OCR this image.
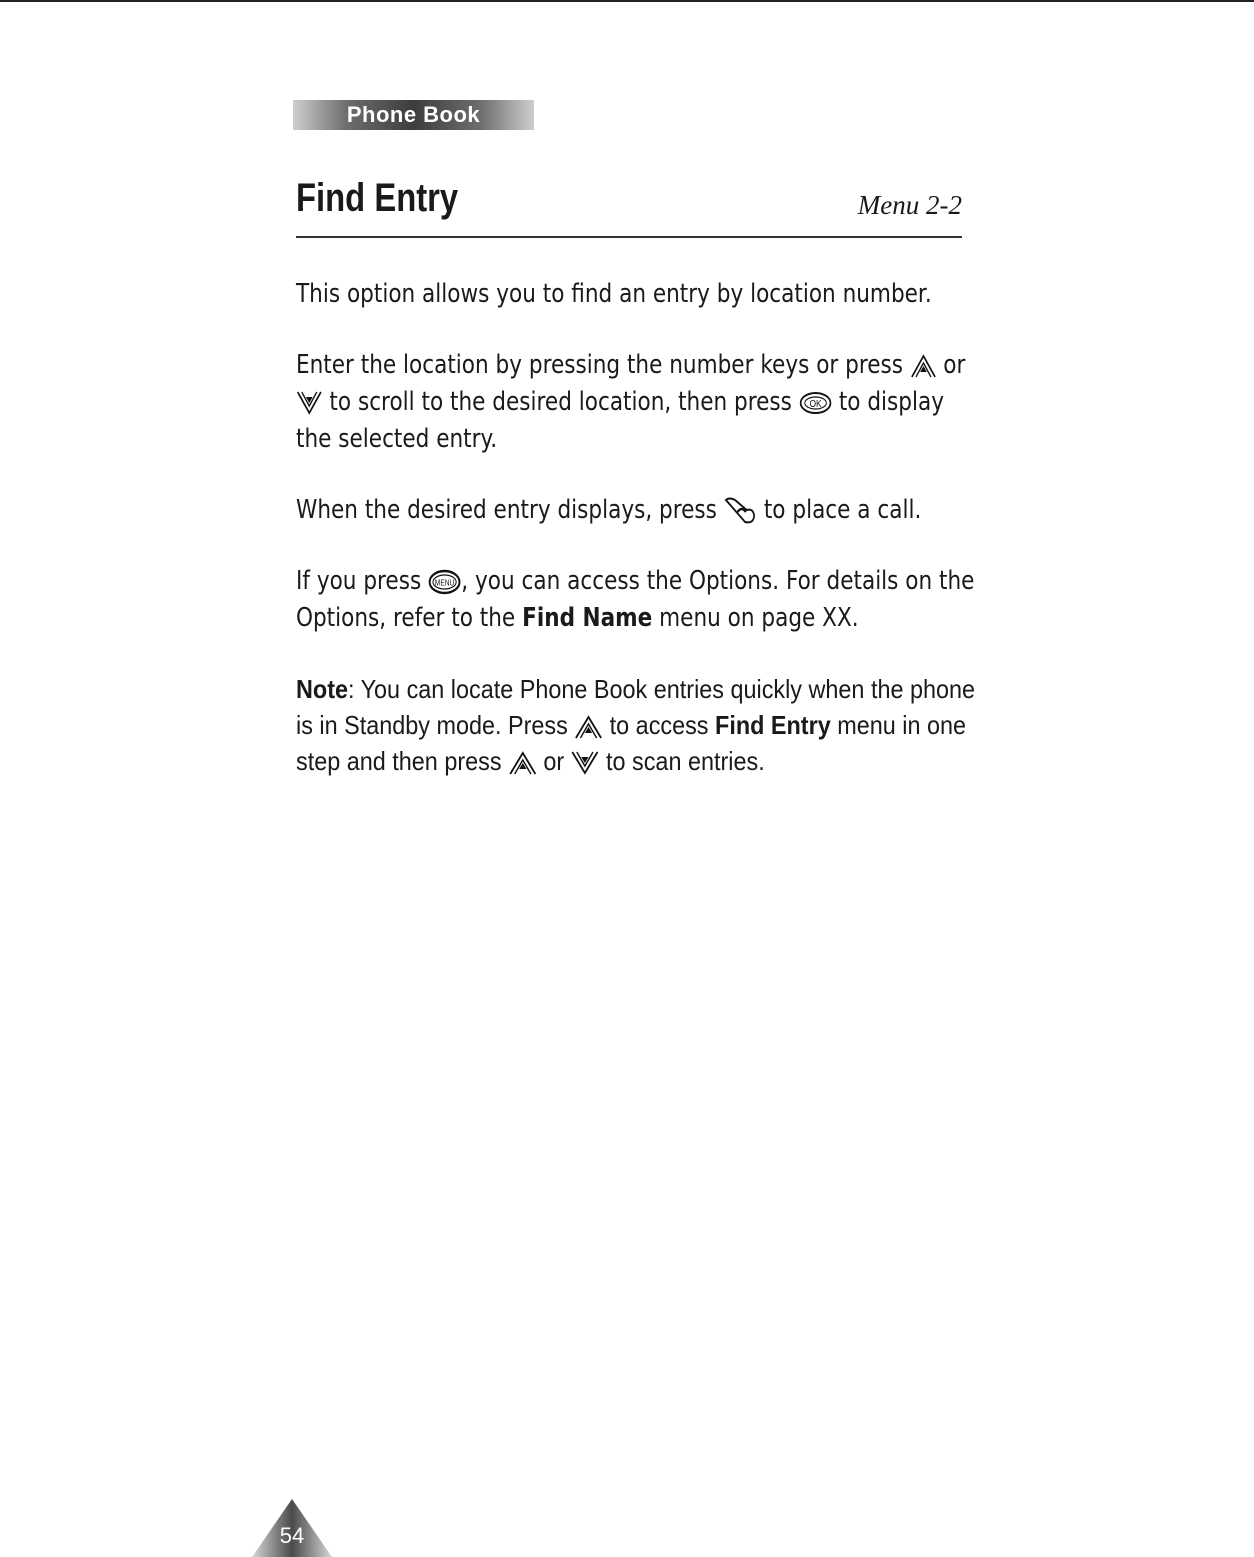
Phone Book
Find Entry	Menu 2-2

This option allows you to find an entry by location number.

Enter the location by pressing the number keys or press or
to scroll to the desired location, then press OK to display the selected entry.

When the desired entry displays, press to place a call.

If you press MENU , you can access the Options. For details on the Options, refer to the Find Name menu on page XX.

Note: You can locate Phone Book entries quickly when the phone is in Standby mode. Press to access Find Entry menu in one step and then press or to scan entries.

54
